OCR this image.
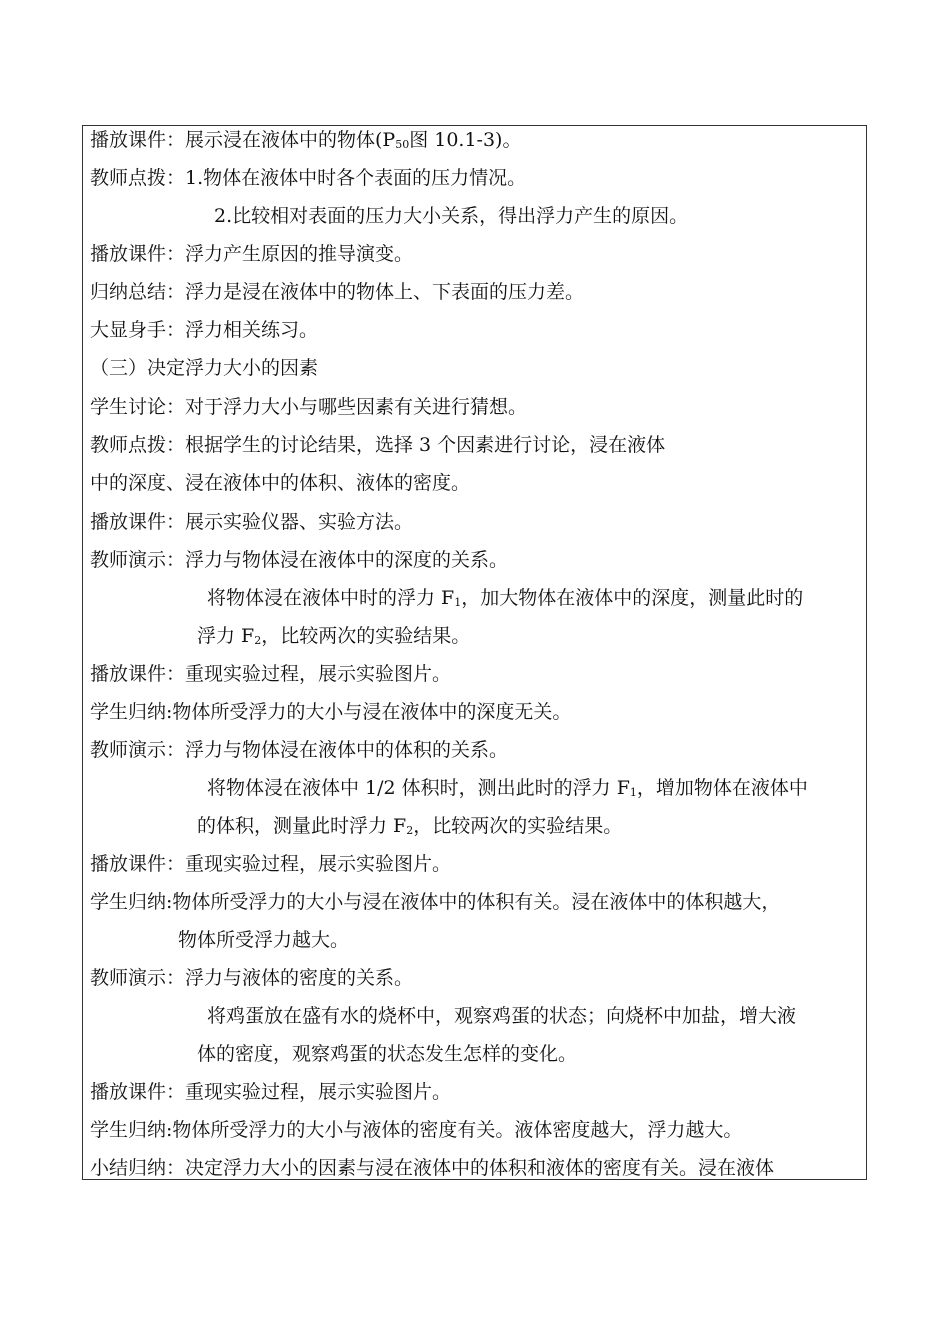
播放课件：展示浸在液体中的物体($P_{50}$图 10.1-3)。
教师点拨：1.物体在液体中时各个表面的压力情况。
2.比较相对表面的压力大小关系，得出浮力产生的原因。
播放课件：浮力产生原因的推导演变。
归纳总结：浮力是浸在液体中的物体上、下表面的压力差。
大显身手：浮力相关练习。
（三）决定浮力大小的因素
学生讨论：对于浮力大小与哪些因素有关进行猜想。
教师点拨：根据学生的讨论结果，选择 3 个因素进行讨论，浸在液体
中的深度、浸在液体中的体积、液体的密度。
播放课件：展示实验仪器、实验方法。
教师演示：浮力与物体浸在液体中的深度的关系。
将物体浸在液体中时的浮力 $F_1$，加大物体在液体中的深度，测量此时的
浮力 $F_2$，比较两次的实验结果。
播放课件：重现实验过程，展示实验图片。
学生归纳:物体所受浮力的大小与浸在液体中的深度无关。
教师演示：浮力与物体浸在液体中的体积的关系。
将物体浸在液体中 1/2 体积时，测出此时的浮力 $F_1$，增加物体在液体中
的体积，测量此时浮力 $F_2$，比较两次的实验结果。
播放课件：重现实验过程，展示实验图片。
学生归纳:物体所受浮力的大小与浸在液体中的体积有关。浸在液体中的体积越大，
物体所受浮力越大。
教师演示：浮力与液体的密度的关系。
将鸡蛋放在盛有水的烧杯中，观察鸡蛋的状态；向烧杯中加盐，增大液
体的密度，观察鸡蛋的状态发生怎样的变化。
播放课件：重现实验过程，展示实验图片。
学生归纳:物体所受浮力的大小与液体的密度有关。液体密度越大，浮力越大。
小结归纳：决定浮力大小的因素与浸在液体中的体积和液体的密度有关。浸在液体
